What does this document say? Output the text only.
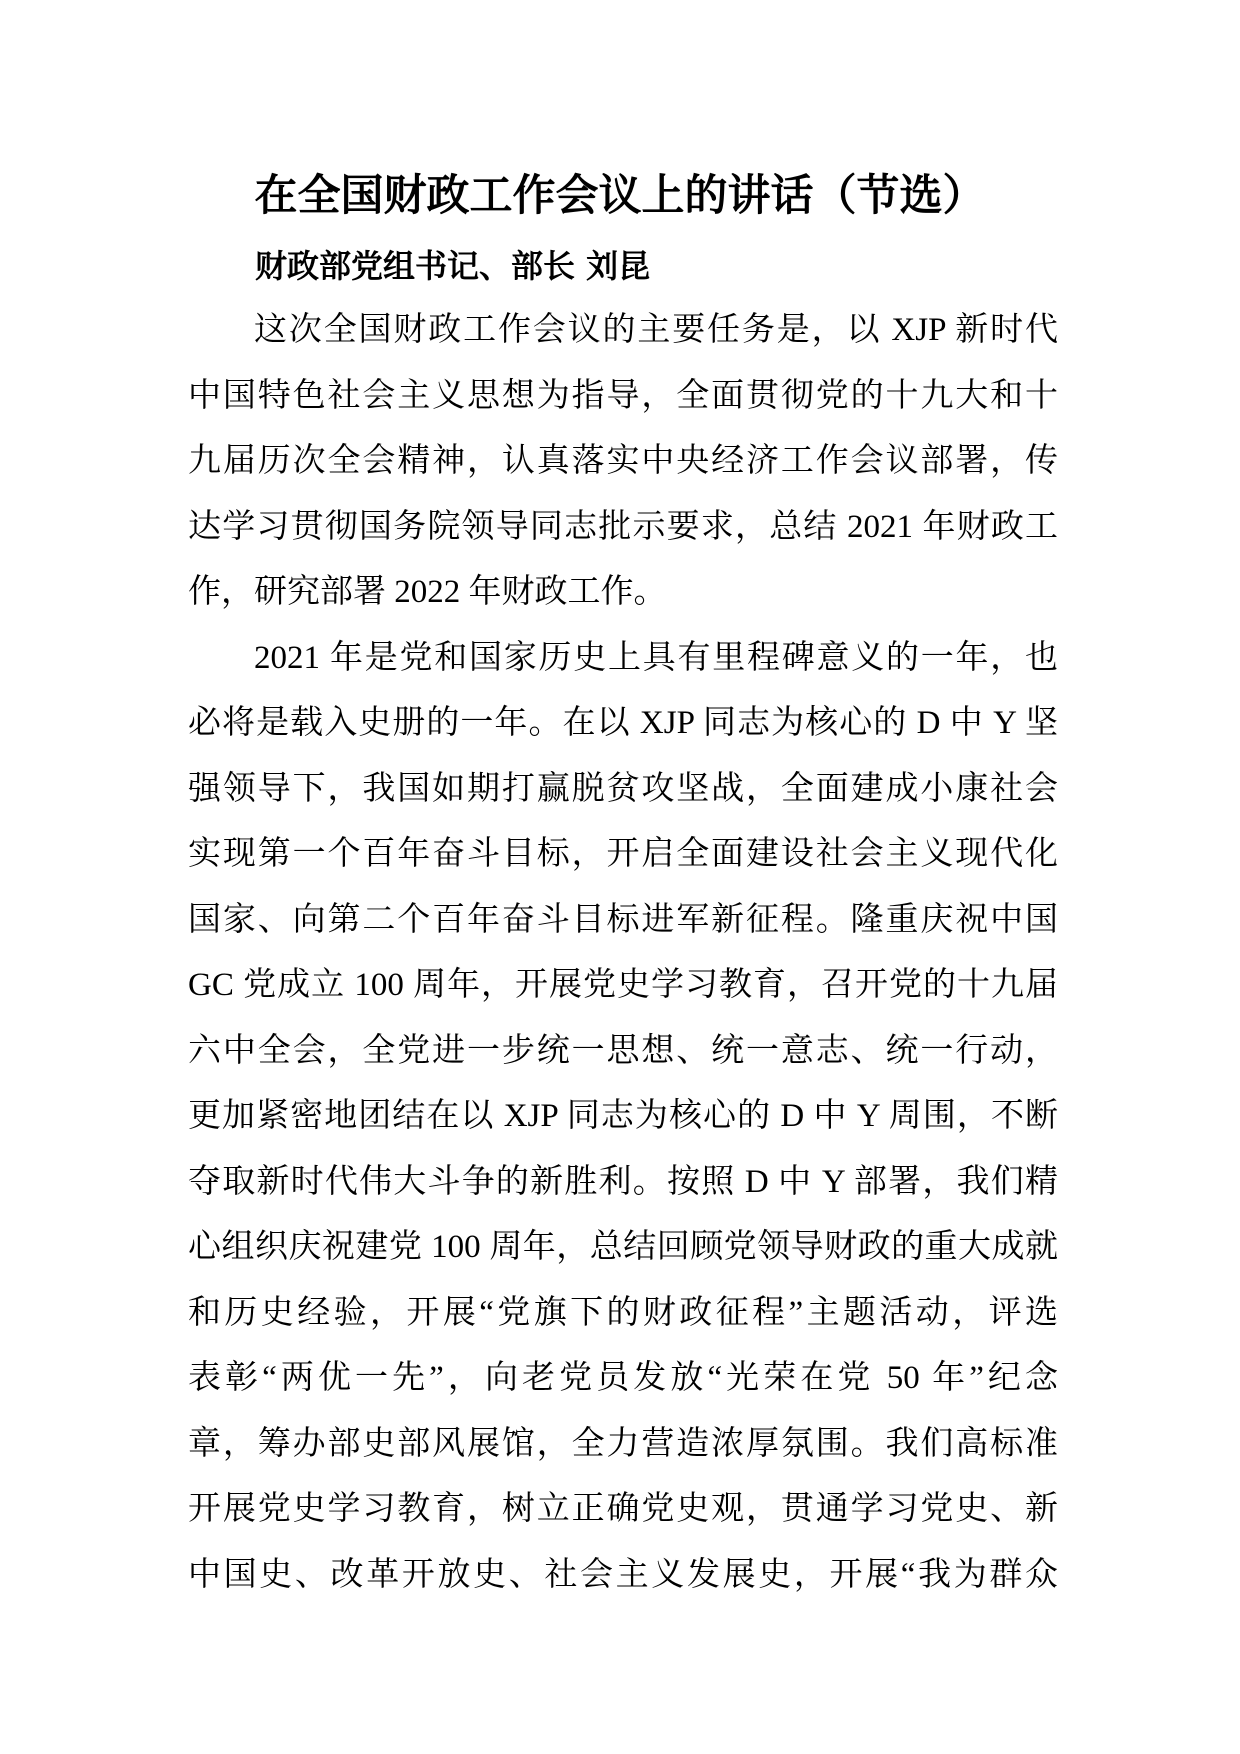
在全国财政工作会议上的讲话（节选）
财政部党组书记、部长 刘昆
这次全国财政工作会议的主要任务是，以 XJP 新时代
中国特色社会主义思想为指导，全面贯彻党的十九大和十
九届历次全会精神，认真落实中央经济工作会议部署，传
达学习贯彻国务院领导同志批示要求，总结 2021 年财政工
作，研究部署 2022 年财政工作。
2021 年是党和国家历史上具有里程碑意义的一年，也
必将是载入史册的一年。在以 XJP 同志为核心的 D 中 Y 坚
强领导下，我国如期打赢脱贫攻坚战，全面建成小康社会
实现第一个百年奋斗目标，开启全面建设社会主义现代化
国家、向第二个百年奋斗目标进军新征程。隆重庆祝中国
GC 党成立 100 周年，开展党史学习教育，召开党的十九届
六中全会，全党进一步统一思想、统一意志、统一行动，
更加紧密地团结在以 XJP 同志为核心的 D 中 Y 周围，不断
夺取新时代伟大斗争的新胜利。按照 D 中 Y 部署，我们精
心组织庆祝建党 100 周年，总结回顾党领导财政的重大成就
和历史经验，开展“党旗下的财政征程”主题活动，评选
表彰“两优一先”，向老党员发放“光荣在党 50 年”纪念
章，筹办部史部风展馆，全力营造浓厚氛围。我们高标准
开展党史学习教育，树立正确党史观，贯通学习党史、新
中国史、改革开放史、社会主义发展史，开展“我为群众
